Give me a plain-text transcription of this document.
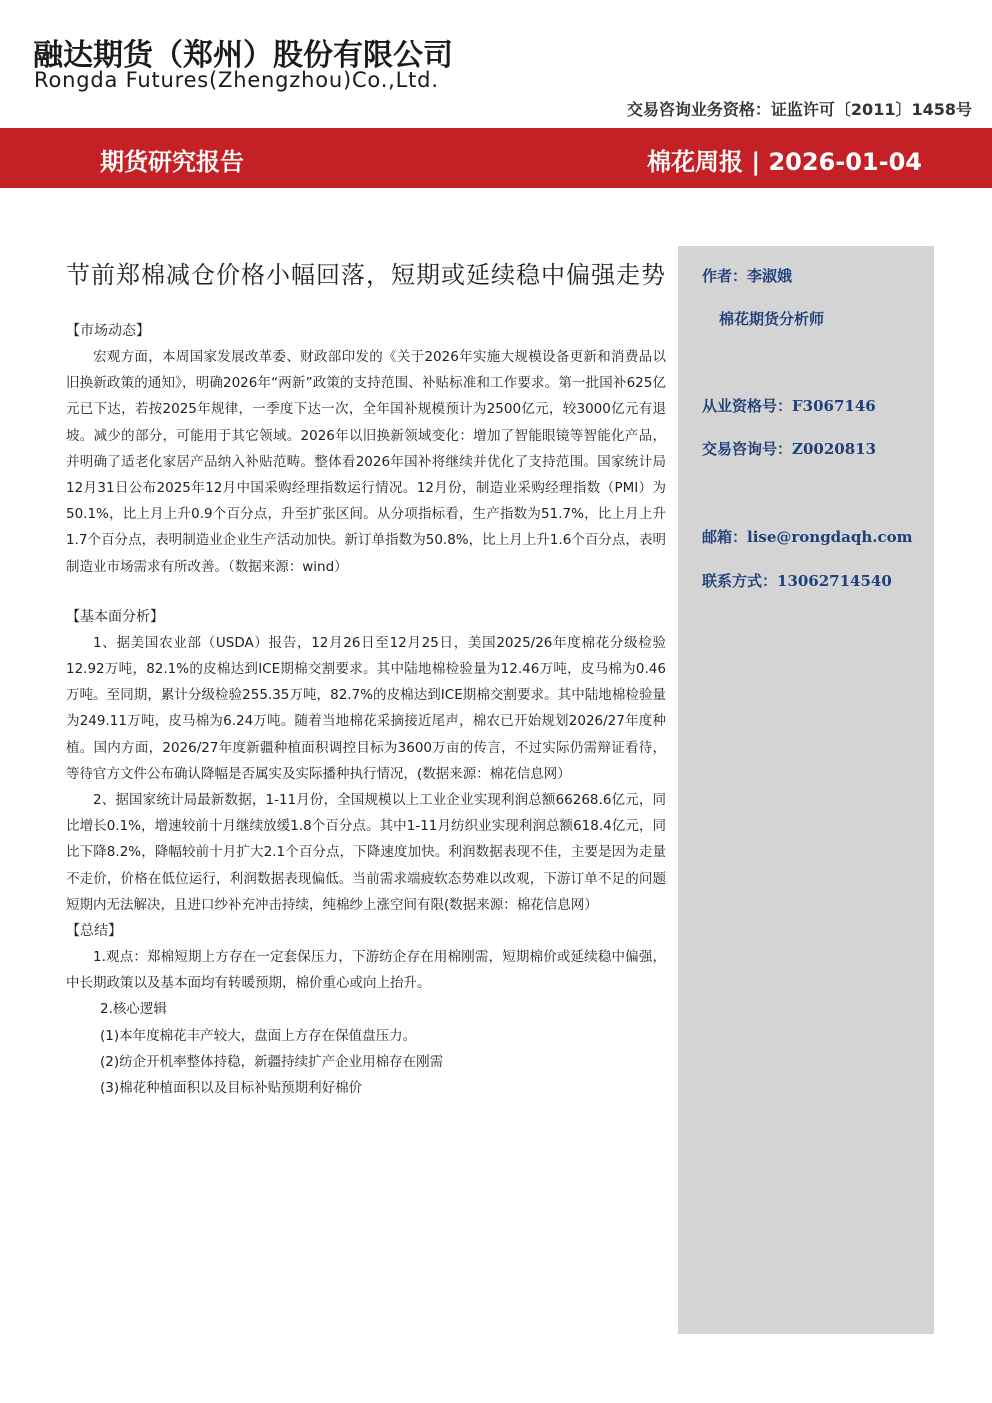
融达期货（郑州）股份有限公司
Rongda Futures(Zhengzhou)Co.,Ltd.
交易咨询业务资格：证监许可〔2011〕1458号
期货研究报告	棉花周报 | 2026-01-04
作者：李淑娥
棉花期货分析师
从业资格号：F3067146
交易咨询号：Z0020813
邮箱：lise@rongdaqh.com
联系方式：13062714540
节前郑棉减仓价格小幅回落，短期或延续稳中偏强走势
【市场动态】
宏观方面，本周国家发展改革委、财政部印发的《关于2026年实施大规模设备更新和消费品以旧换新政策的通知》，明确2026年“两新”政策的支持范围、补贴标准和工作要求。第一批国补625亿元已下达，若按2025年规律，一季度下达一次，全年国补规模预计为2500亿元，较3000亿元有退坡。减少的部分，可能用于其它领域。2026年以旧换新领域变化：增加了智能眼镜等智能化产品，并明确了适老化家居产品纳入补贴范畴。整体看2026年国补将继续并优化了支持范围。国家统计局12月31日公布2025年12月中国采购经理指数运行情况。12月份，制造业采购经理指数（PMI）为50.1%，比上月上升0.9个百分点，升至扩张区间。从分项指标看，生产指数为51.7%，比上月上升1.7个百分点，表明制造业企业生产活动加快。新订单指数为50.8%，比上月上升1.6个百分点，表明制造业市场需求有所改善。（数据来源：wind）
【基本面分析】
1、据美国农业部（USDA）报告，12月26日至12月25日，美国2025/26年度棉花分级检验12.92万吨，82.1%的皮棉达到ICE期棉交割要求。其中陆地棉检验量为12.46万吨，皮马棉为0.46万吨。至同期，累计分级检验255.35万吨，82.7%的皮棉达到ICE期棉交割要求。其中陆地棉检验量为249.11万吨，皮马棉为6.24万吨。随着当地棉花采摘接近尾声，棉农已开始规划2026/27年度种植。国内方面，2026/27年度新疆种植面积调控目标为3600万亩的传言，不过实际仍需辩证看待，等待官方文件公布确认降幅是否属实及实际播种执行情况，(数据来源：棉花信息网）
2、据国家统计局最新数据，1-11月份，全国规模以上工业企业实现利润总额66268.6亿元，同比增长0.1%，增速较前十月继续放缓1.8个百分点。其中1-11月纺织业实现利润总额618.4亿元，同比下降8.2%，降幅较前十月扩大2.1个百分点，下降速度加快。利润数据表现不佳，主要是因为走量不走价，价格在低位运行，利润数据表现偏低。当前需求端疲软态势难以改观，下游订单不足的问题短期内无法解决，且进口纱补充冲击持续，纯棉纱上涨空间有限(数据来源：棉花信息网）
【总结】
1.观点：郑棉短期上方存在一定套保压力，下游纺企存在用棉刚需，短期棉价或延续稳中偏强，中长期政策以及基本面均有转暖预期，棉价重心或向上抬升。
2.核心逻辑
(1)本年度棉花丰产较大，盘面上方存在保值盘压力。
(2)纺企开机率整体持稳，新疆持续扩产企业用棉存在刚需
(3)棉花种植面积以及目标补贴预期利好棉价
